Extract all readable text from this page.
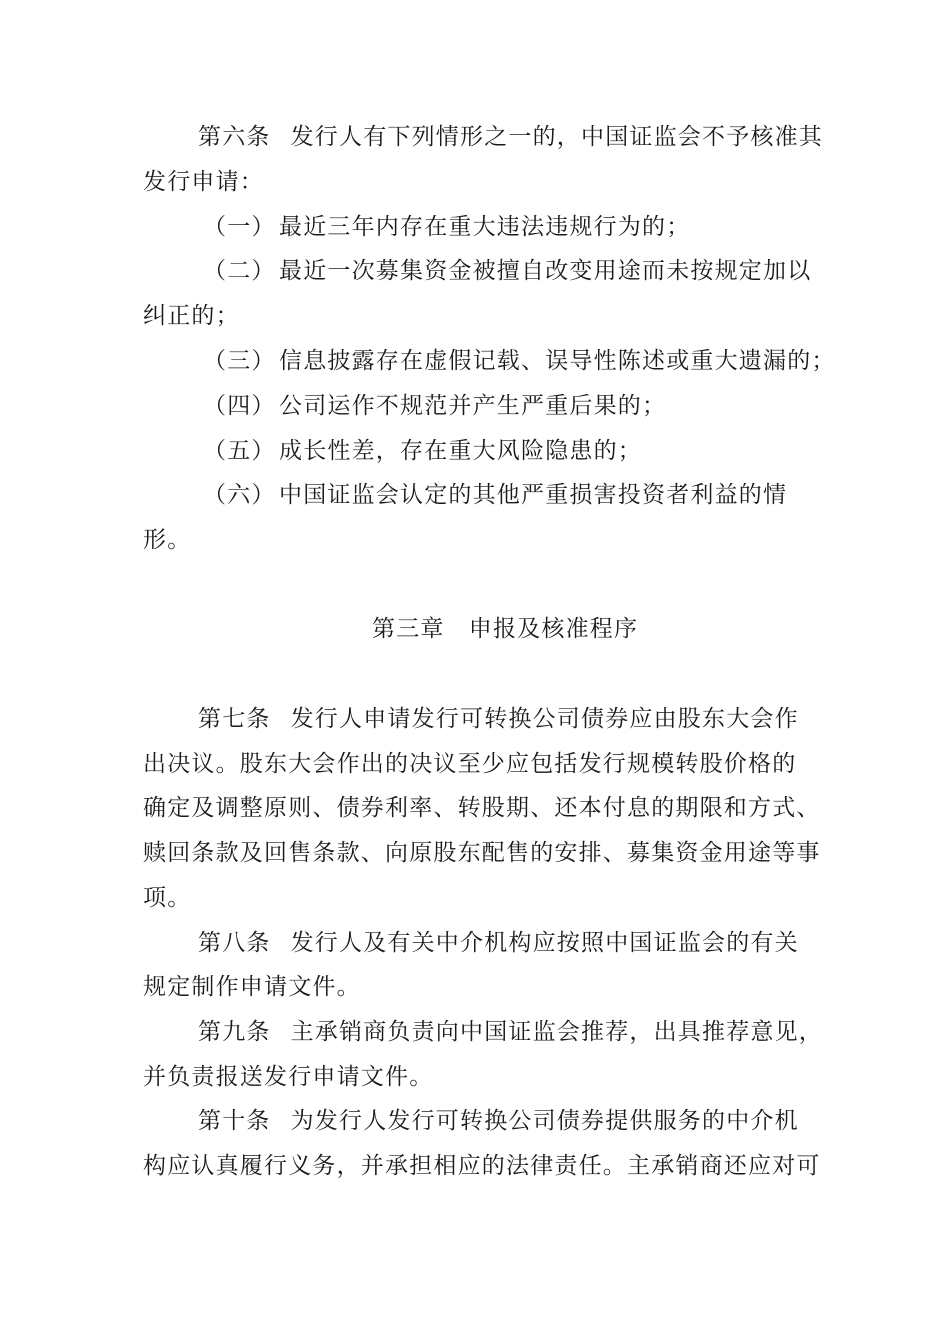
第六条 发行人有下列情形之一的，中国证监会不予核准其
发行申请：
（一） 最近三年内存在重大违法违规行为的；
（二） 最近一次募集资金被擅自改变用途而未按规定加以
纠正的；
（三） 信息披露存在虚假记载、误导性陈述或重大遗漏的；
（四） 公司运作不规范并产生严重后果的；
（五） 成长性差，存在重大风险隐患的；
（六） 中国证监会认定的其他严重损害投资者利益的情
形。
第三章　申报及核准程序
第七条 发行人申请发行可转换公司债券应由股东大会作
出决议。股东大会作出的决议至少应包括发行规模转股价格的
确定及调整原则、债券利率、转股期、还本付息的期限和方式、
赎回条款及回售条款、向原股东配售的安排、募集资金用途等事
项。
第八条 发行人及有关中介机构应按照中国证监会的有关
规定制作申请文件。
第九条 主承销商负责向中国证监会推荐，出具推荐意见，
并负责报送发行申请文件。
第十条 为发行人发行可转换公司债券提供服务的中介机
构应认真履行义务，并承担相应的法律责任。主承销商还应对可
